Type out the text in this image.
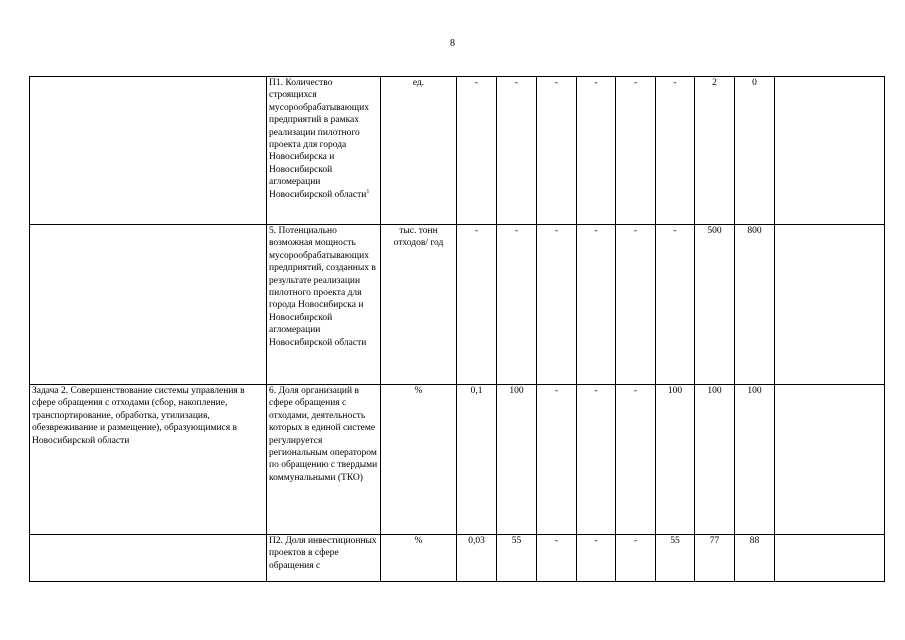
8
	П1. Количество строящихся мусорообрабатывающих предприятий в рамках реализации пилотного проекта для города Новосибирска и Новосибирской агломерации Новосибирской области$^1$	ед.	-	-	-	-	-	-	2	0	
	5. Потенциально возможная мощность мусорообрабатывающих предприятий, созданных в результате реализации пилотного проекта для города Новосибирска и Новосибирской агломерации Новосибирской области	тыс. тонн отходов/ год	-	-	-	-	-	-	500	800	
Задача 2. Совершенствование системы управления в сфере обращения с отходами (сбор, накопление, транспортирование, обработка, утилизация, обезвреживание и размещение), образующимися в Новосибирской области	6. Доля организаций в сфере обращения с отходами, деятельность которых в единой системе регулируется региональным оператором по обращению с твердыми коммунальными (ТКО)	%	0,1	100	-	-	-	100	100	100	
	П2. Доля инвестиционных проектов в сфере обращения с	%	0,03	55	-	-	-	55	77	88	
